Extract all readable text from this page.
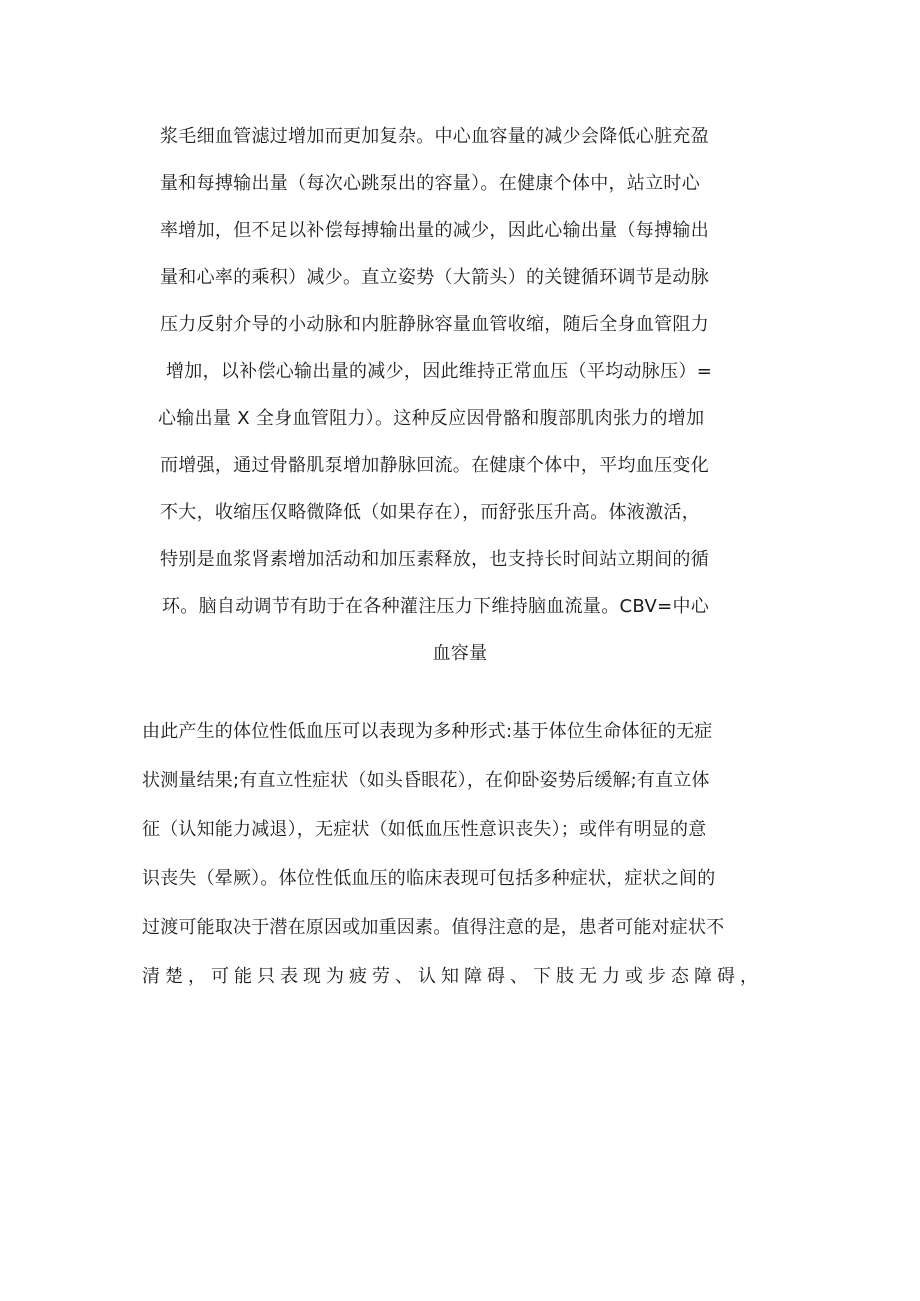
浆毛细血管滤过增加而更加复杂。中心血容量的减少会降低心脏充盈
量和每搏输出量（每次心跳泵出的容量）。在健康个体中，站立时心
率增加，但不足以补偿每搏输出量的减少，因此心输出量（每搏输出
量和心率的乘积）减少。直立姿势（大箭头）的关键循环调节是动脉
压力反射介导的小动脉和内脏静脉容量血管收缩，随后全身血管阻力
增加，以补偿心输出量的减少，因此维持正常血压（平均动脉压）=
心输出量 X 全身血管阻力）。这种反应因骨骼和腹部肌肉张力的增加
而增强，通过骨骼肌泵增加静脉回流。在健康个体中，平均血压变化
不大，收缩压仅略微降低（如果存在），而舒张压升高。体液激活，
特别是血浆肾素增加活动和加压素释放，也支持长时间站立期间的循
环。脑自动调节有助于在各种灌注压力下维持脑血流量。CBV=中心
血容量
由此产生的体位性低血压可以表现为多种形式:基于体位生命体征的无症
状测量结果;有直立性症状（如头昏眼花），在仰卧姿势后缓解;有直立体
征（认知能力减退），无症状（如低血压性意识丧失）；或伴有明显的意
识丧失（晕厥）。体位性低血压的临床表现可包括多种症状，症状之间的
过渡可能取决于潜在原因或加重因素。值得注意的是，患者可能对症状不
清楚，可能只表现为疲劳、认知障碍、下肢无力或步态障碍，
